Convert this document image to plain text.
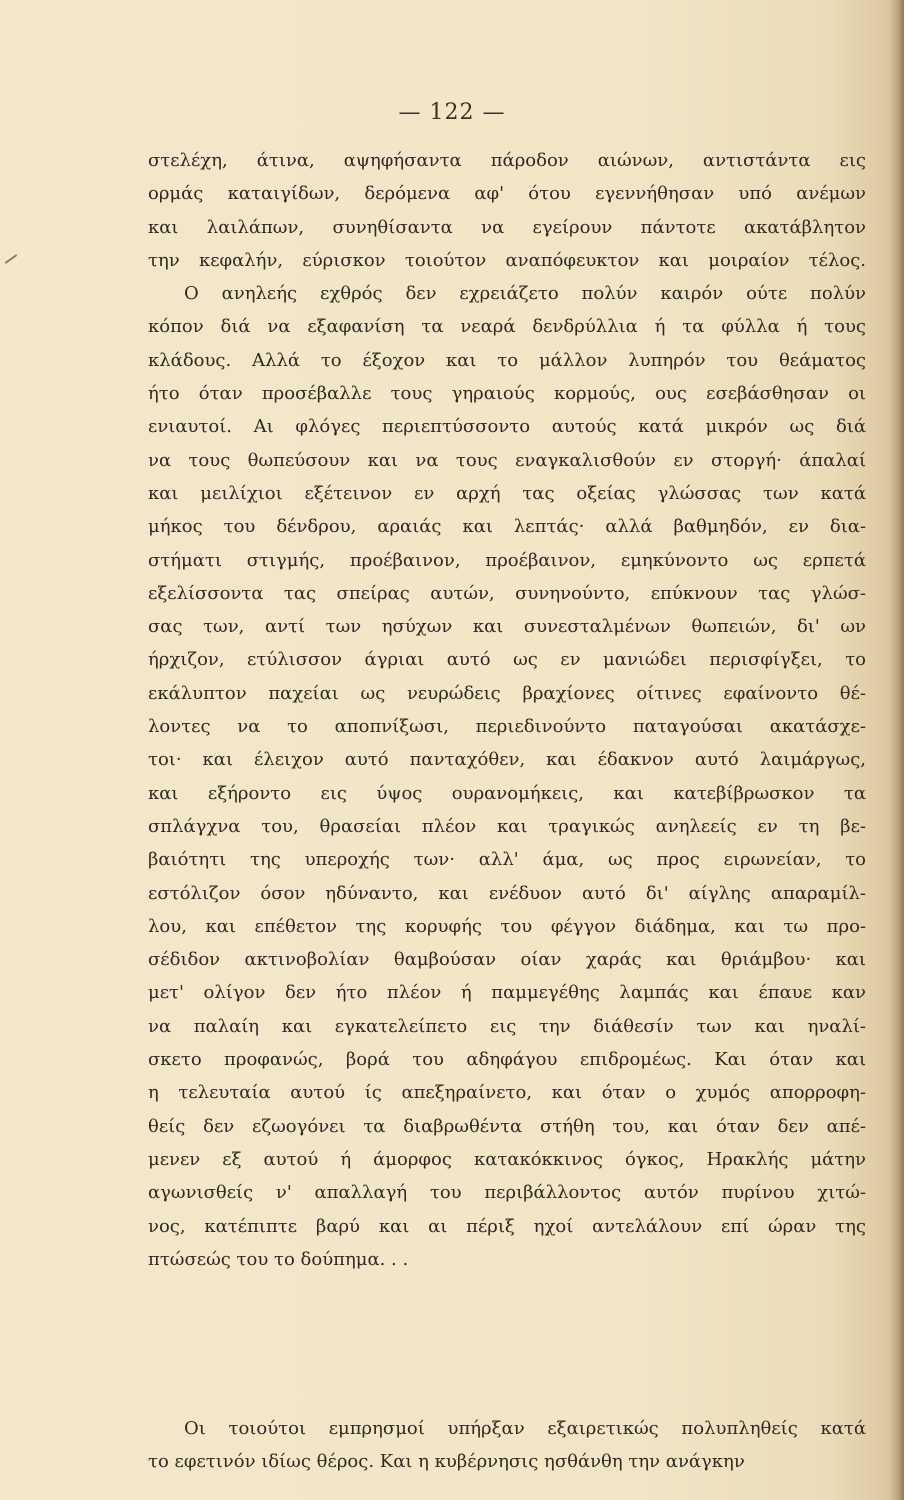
— 122 —
στελέχη, άτινα, αψηφήσαντα πάροδον αιώνων, αντιστάντα εις
ορμάς καταιγίδων, δερόμενα αφ' ότου εγεννήθησαν υπό ανέμων
και λαιλάπων, συνηθίσαντα να εγείρουν πάντοτε ακατάβλητον
την κεφαλήν, εύρισκον τοιούτον αναπόφευκτον και μοιραίον τέλος.
Ο ανηλεής εχθρός δεν εχρειάζετο πολύν καιρόν ούτε πολύν
κόπον διά να εξαφανίση τα νεαρά δενδρύλλια ή τα φύλλα ή τους
κλάδους. Αλλά το έξοχον και το μάλλον λυπηρόν του θεάματος
ήτο όταν προσέβαλλε τους γηραιούς κορμούς, ους εσεβάσθησαν οι
ενιαυτοί. Αι φλόγες περιεπτύσσοντο αυτούς κατά μικρόν ως διά
να τους θωπεύσουν και να τους εναγκαλισθούν εν στοργή· άπαλαί
και μειλίχιοι εξέτεινον εν αρχή τας οξείας γλώσσας των κατά
μήκος του δένδρου, αραιάς και λεπτάς· αλλά βαθμηδόν, εν δια-
στήματι στιγμής, προέβαινον, προέβαινον, εμηκύνοντο ως ερπετά
εξελίσσοντα τας σπείρας αυτών, συνηνούντο, επύκνουν τας γλώσ-
σας των, αντί των ησύχων και συνεσταλμένων θωπειών, δι' ων
ήρχιζον, ετύλισσον άγριαι αυτό ως εν μανιώδει περισφίγξει, το
εκάλυπτον παχείαι ως νευρώδεις βραχίονες οίτινες εφαίνοντο θέ-
λοντες να το αποπνίξωσι, περιεδινούντο παταγούσαι ακατάσχε-
τοι· και έλειχον αυτό πανταχόθεν, και έδακνον αυτό λαιμάργως,
και εξήροντο εις ύψος ουρανομήκεις, και κατεβίβρωσκον τα
σπλάγχνα του, θρασείαι πλέον και τραγικώς ανηλεείς εν τη βε-
βαιότητι της υπεροχής των· αλλ' άμα, ως προς ειρωνείαν, το
εστόλιζον όσον ηδύναντο, και ενέδυον αυτό δι' αίγλης απαραμίλ-
λου, και επέθετον της κορυφής του φέγγον διάδημα, και τω προ-
σέδιδον ακτινοβολίαν θαμβούσαν οίαν χαράς και θριάμβου· και
μετ' ολίγον δεν ήτο πλέον ή παμμεγέθης λαμπάς και έπαυε καν
να παλαίη και εγκατελείπετο εις την διάθεσίν των και ηναλί-
σκετο προφανώς, βορά του αδηφάγου επιδρομέως. Και όταν και
η τελευταία αυτού ίς απεξηραίνετο, και όταν ο χυμός απορροφη-
θείς δεν εζωογόνει τα διαβρωθέντα στήθη του, και όταν δεν απέ-
μενεν εξ αυτού ή άμορφος κατακόκκινος όγκος, Ηρακλής μάτην
αγωνισθείς ν' απαλλαγή του περιβάλλοντος αυτόν πυρίνου χιτώ-
νος, κατέπιπτε βαρύ και αι πέριξ ηχοί αντελάλουν επί ώραν της
πτώσεώς του το δούπημα. . .
Οι τοιούτοι εμπρησμοί υπήρξαν εξαιρετικώς πολυπληθείς κατά
το εφετινόν ιδίως θέρος. Και η κυβέρνησις ησθάνθη την ανάγκην
